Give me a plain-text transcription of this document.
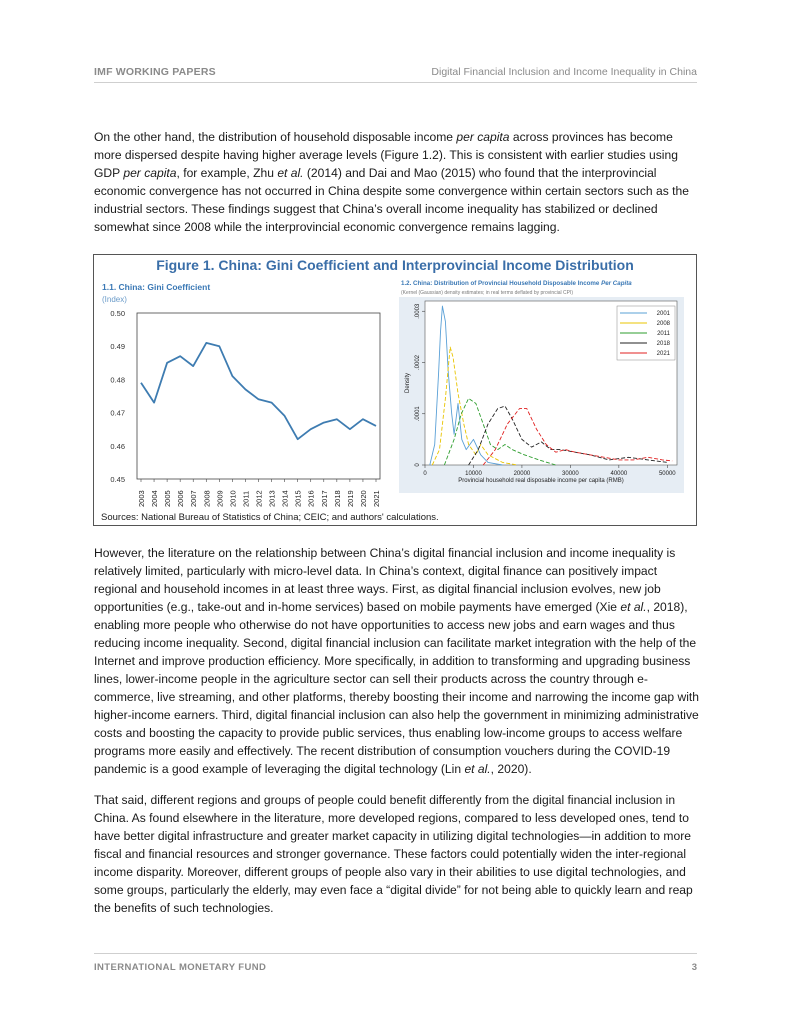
IMF WORKING PAPERS	Digital Financial Inclusion and Income Inequality in China

On the other hand, the distribution of household disposable income per capita across provinces has become more dispersed despite having higher average levels (Figure 1.2). This is consistent with earlier studies using GDP per capita, for example, Zhu et al. (2014) and Dai and Mao (2015) who found that the interprovincial economic convergence has not occurred in China despite some convergence within certain sectors such as the industrial sectors. These findings suggest that China’s overall income inequality has stabilized or declined somewhat since 2008 while the interprovincial economic convergence remains lagging.

Figure 1. China: Gini Coefficient and Interprovincial Income Distribution
1.1. China: Gini Coefficient
(Index)
0.50
0.49
0.48
0.47
0.46
0.45
2003 2004 2005 2006 2007 2008 2009 2010 2011 2012 2013 2014 2015 2016 2017 2018 2019 2020 2021
1.2. China: Distribution of Provincial Household Disposable Income Per Capita
(Kernel (Gaussian) density estimates; in real terms deflated by provincial CPI)
0
.0001
.0002
.0003
0	10000	20000	30000	40000	50000
Provincial household real disposable income per capita (RMB)
Density
2001
2008
2011
2018
2021
Sources: National Bureau of Statistics of China; CEIC; and authors' calculations.

However, the literature on the relationship between China’s digital financial inclusion and income inequality is relatively limited, particularly with micro-level data. In China’s context, digital finance can positively impact regional and household incomes in at least three ways. First, as digital financial inclusion evolves, new job opportunities (e.g., take-out and in-home services) based on mobile payments have emerged (Xie et al., 2018), enabling more people who otherwise do not have opportunities to access new jobs and earn wages and thus reducing income inequality. Second, digital financial inclusion can facilitate market integration with the help of the Internet and improve production efficiency. More specifically, in addition to transforming and upgrading business lines, lower-income people in the agriculture sector can sell their products across the country through e-commerce, live streaming, and other platforms, thereby boosting their income and narrowing the income gap with higher-income earners. Third, digital financial inclusion can also help the government in minimizing administrative costs and boosting the capacity to provide public services, thus enabling low-income groups to access welfare programs more easily and effectively. The recent distribution of consumption vouchers during the COVID-19 pandemic is a good example of leveraging the digital technology (Lin et al., 2020).

That said, different regions and groups of people could benefit differently from the digital financial inclusion in China. As found elsewhere in the literature, more developed regions, compared to less developed ones, tend to have better digital infrastructure and greater market capacity in utilizing digital technologies—in addition to more fiscal and financial resources and stronger governance. These factors could potentially widen the inter-regional income disparity. Moreover, different groups of people also vary in their abilities to use digital technologies, and some groups, particularly the elderly, may even face a “digital divide” for not being able to quickly learn and reap the benefits of such technologies.

INTERNATIONAL MONETARY FUND	3
